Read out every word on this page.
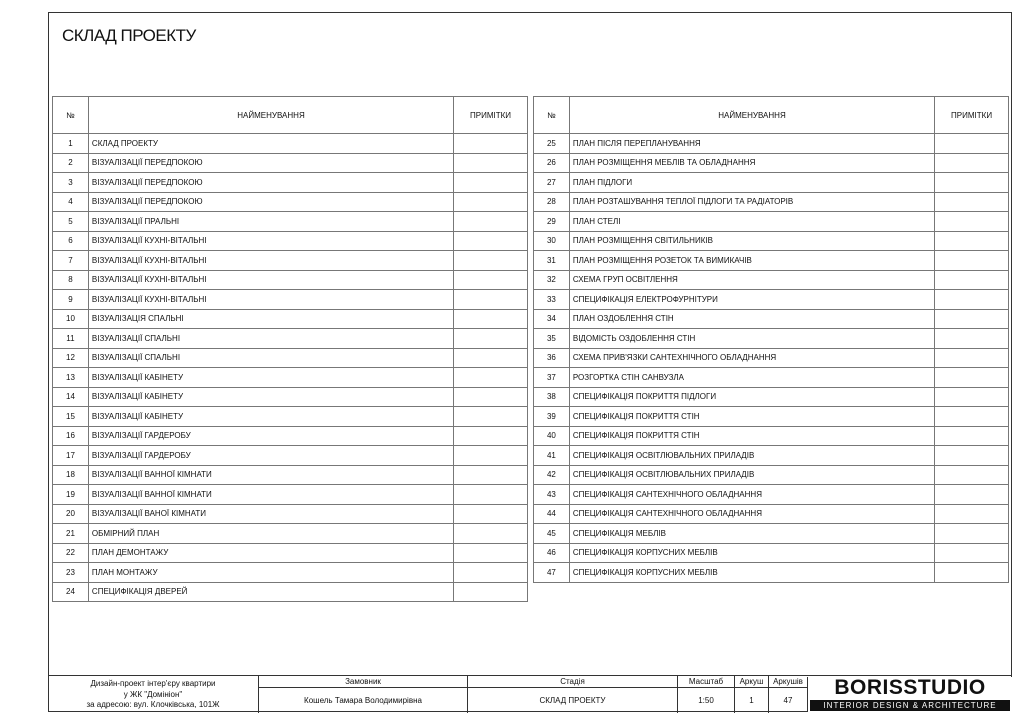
СКЛАД ПРОЕКТУ
№	НАЙМЕНУВАННЯ	ПРИМІТКИ
1	СКЛАД ПРОЕКТУ	
2	ВІЗУАЛІЗАЦІЇ ПЕРЕДПОКОЮ	
3	ВІЗУАЛІЗАЦІЇ ПЕРЕДПОКОЮ	
4	ВІЗУАЛІЗАЦІЇ ПЕРЕДПОКОЮ	
5	ВІЗУАЛІЗАЦІЇ ПРАЛЬНІ	
6	ВІЗУАЛІЗАЦІЇ КУХНІ-ВІТАЛЬНІ	
7	ВІЗУАЛІЗАЦІЇ КУХНІ-ВІТАЛЬНІ	
8	ВІЗУАЛІЗАЦІЇ КУХНІ-ВІТАЛЬНІ	
9	ВІЗУАЛІЗАЦІЇ КУХНІ-ВІТАЛЬНІ	
10	ВІЗУАЛІЗАЦІЯ СПАЛЬНІ	
11	ВІЗУАЛІЗАЦІЇ СПАЛЬНІ	
12	ВІЗУАЛІЗАЦІЇ СПАЛЬНІ	
13	ВІЗУАЛІЗАЦІЇ КАБІНЕТУ	
14	ВІЗУАЛІЗАЦІЇ КАБІНЕТУ	
15	ВІЗУАЛІЗАЦІЇ КАБІНЕТУ	
16	ВІЗУАЛІЗАЦІЇ ГАРДЕРОБУ	
17	ВІЗУАЛІЗАЦІЇ ГАРДЕРОБУ	
18	ВІЗУАЛІЗАЦІЇ ВАННОЇ КІМНАТИ	
19	ВІЗУАЛІЗАЦІЇ ВАННОЇ КІМНАТИ	
20	ВІЗУАЛІЗАЦІЇ ВАНОЇ КІМНАТИ	
21	ОБМІРНИЙ ПЛАН	
22	ПЛАН ДЕМОНТАЖУ	
23	ПЛАН МОНТАЖУ	
24	СПЕЦИФІКАЦІЯ ДВЕРЕЙ	
№	НАЙМЕНУВАННЯ	ПРИМІТКИ
25	ПЛАН ПІСЛЯ ПЕРЕПЛАНУВАННЯ	
26	ПЛАН РОЗМІЩЕННЯ МЕБЛІВ ТА ОБЛАДНАННЯ	
27	ПЛАН ПІДЛОГИ	
28	ПЛАН РОЗТАШУВАННЯ ТЕПЛОЇ ПІДЛОГИ ТА РАДІАТОРІВ	
29	ПЛАН СТЕЛІ	
30	ПЛАН РОЗМІЩЕННЯ СВІТИЛЬНИКІВ	
31	ПЛАН РОЗМІЩЕННЯ РОЗЕТОК ТА ВИМИКАЧІВ	
32	СХЕМА ГРУП ОСВІТЛЕННЯ	
33	СПЕЦИФІКАЦІЯ ЕЛЕКТРОФУРНІТУРИ	
34	ПЛАН ОЗДОБЛЕННЯ СТІН	
35	ВІДОМІСТЬ ОЗДОБЛЕННЯ СТІН	
36	СХЕМА ПРИВ'ЯЗКИ САНТЕХНІЧНОГО ОБЛАДНАННЯ	
37	РОЗГОРТКА СТІН САНВУЗЛА	
38	СПЕЦИФІКАЦІЯ ПОКРИТТЯ ПІДЛОГИ	
39	СПЕЦИФІКАЦІЯ ПОКРИТТЯ СТІН	
40	СПЕЦИФІКАЦІЯ ПОКРИТТЯ СТІН	
41	СПЕЦИФІКАЦІЯ ОСВІТЛЮВАЛЬНИХ ПРИЛАДІВ	
42	СПЕЦИФІКАЦІЯ ОСВІТЛЮВАЛЬНИХ ПРИЛАДІВ	
43	СПЕЦИФІКАЦІЯ САНТЕХНІЧНОГО ОБЛАДНАННЯ	
44	СПЕЦИФІКАЦІЯ САНТЕХНІЧНОГО ОБЛАДНАННЯ	
45	СПЕЦИФІКАЦІЯ МЕБЛІВ	
46	СПЕЦИФІКАЦІЯ КОРПУСНИХ МЕБЛІВ	
47	СПЕЦИФІКАЦІЯ КОРПУСНИХ МЕБЛІВ	
Дизайн-проект інтер'єру квартири
у ЖК "Домініон"
за адресою: вул. Клочківська, 101Ж
Замовник
Кошель Тамара Володимирівна
Стадія
СКЛАД ПРОЕКТУ
Масштаб
1:50
Аркуш
1
Аркушів
47
BORISSTUDIO
INTERIOR DESIGN & ARCHITECTURE
